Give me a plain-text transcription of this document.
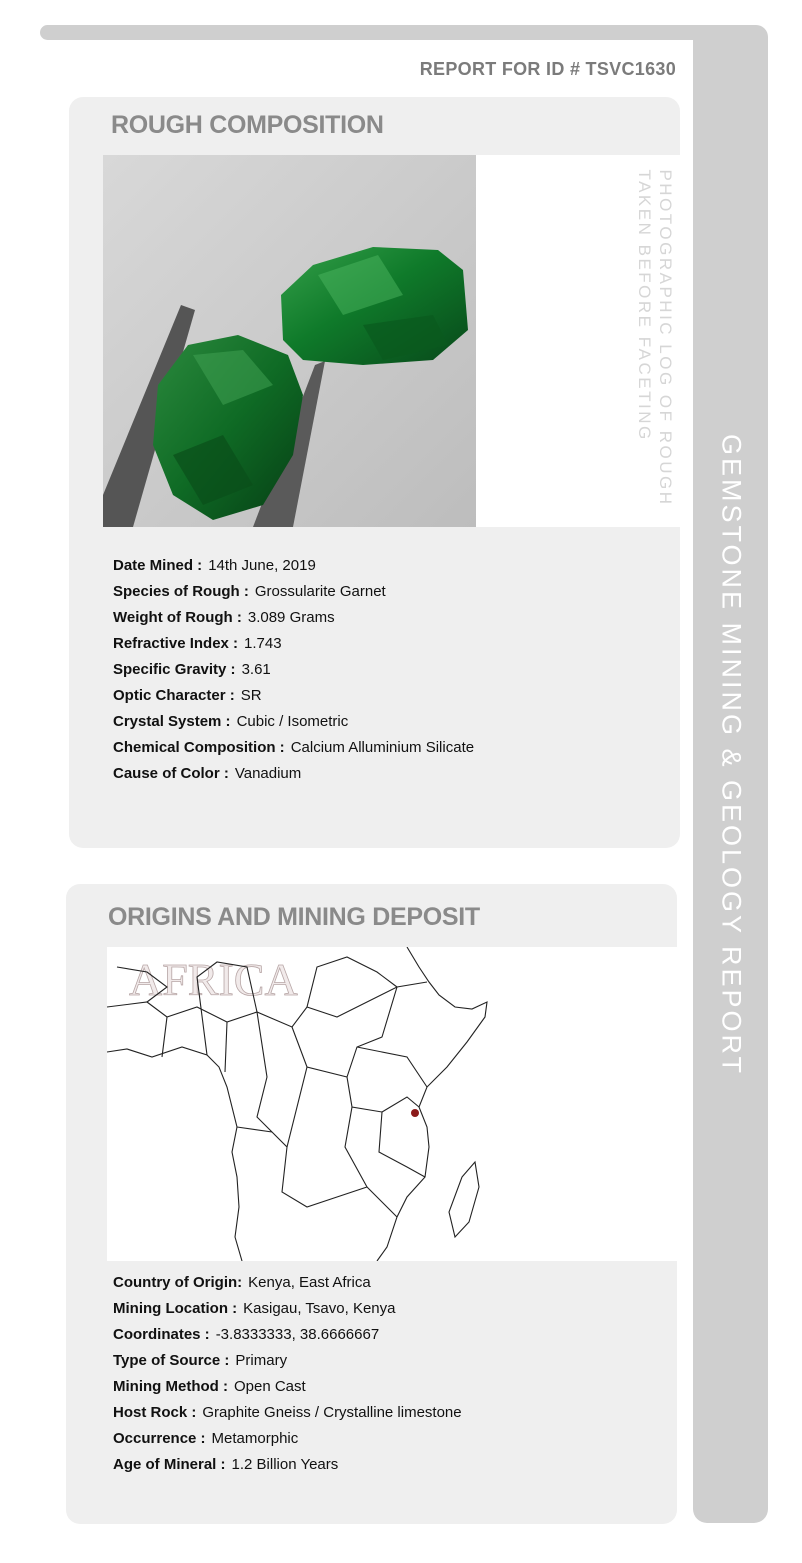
GEMSTONE MINING & GEOLOGY REPORT
REPORT FOR ID # TSVC1630
ROUGH COMPOSITION
PHOTOGRAPHIC LOG OF ROUGH
TAKEN BEFORE FACETING
Date Mined : 14th June, 2019
Species of Rough : Grossularite Garnet
Weight of Rough : 3.089 Grams
Refractive Index : 1.743
Specific Gravity : 3.61
Optic Character : SR
Crystal System : Cubic / Isometric
Chemical Composition : Calcium Alluminium Silicate
Cause of Color : Vanadium
ORIGINS AND MINING DEPOSIT
AFRICA
Country of Origin: Kenya, East Africa
Mining Location : Kasigau, Tsavo, Kenya
Coordinates : -3.8333333, 38.6666667
Type of Source : Primary
Mining Method : Open Cast
Host Rock : Graphite Gneiss / Crystalline limestone
Occurrence : Metamorphic
Age of Mineral : 1.2 Billion Years
